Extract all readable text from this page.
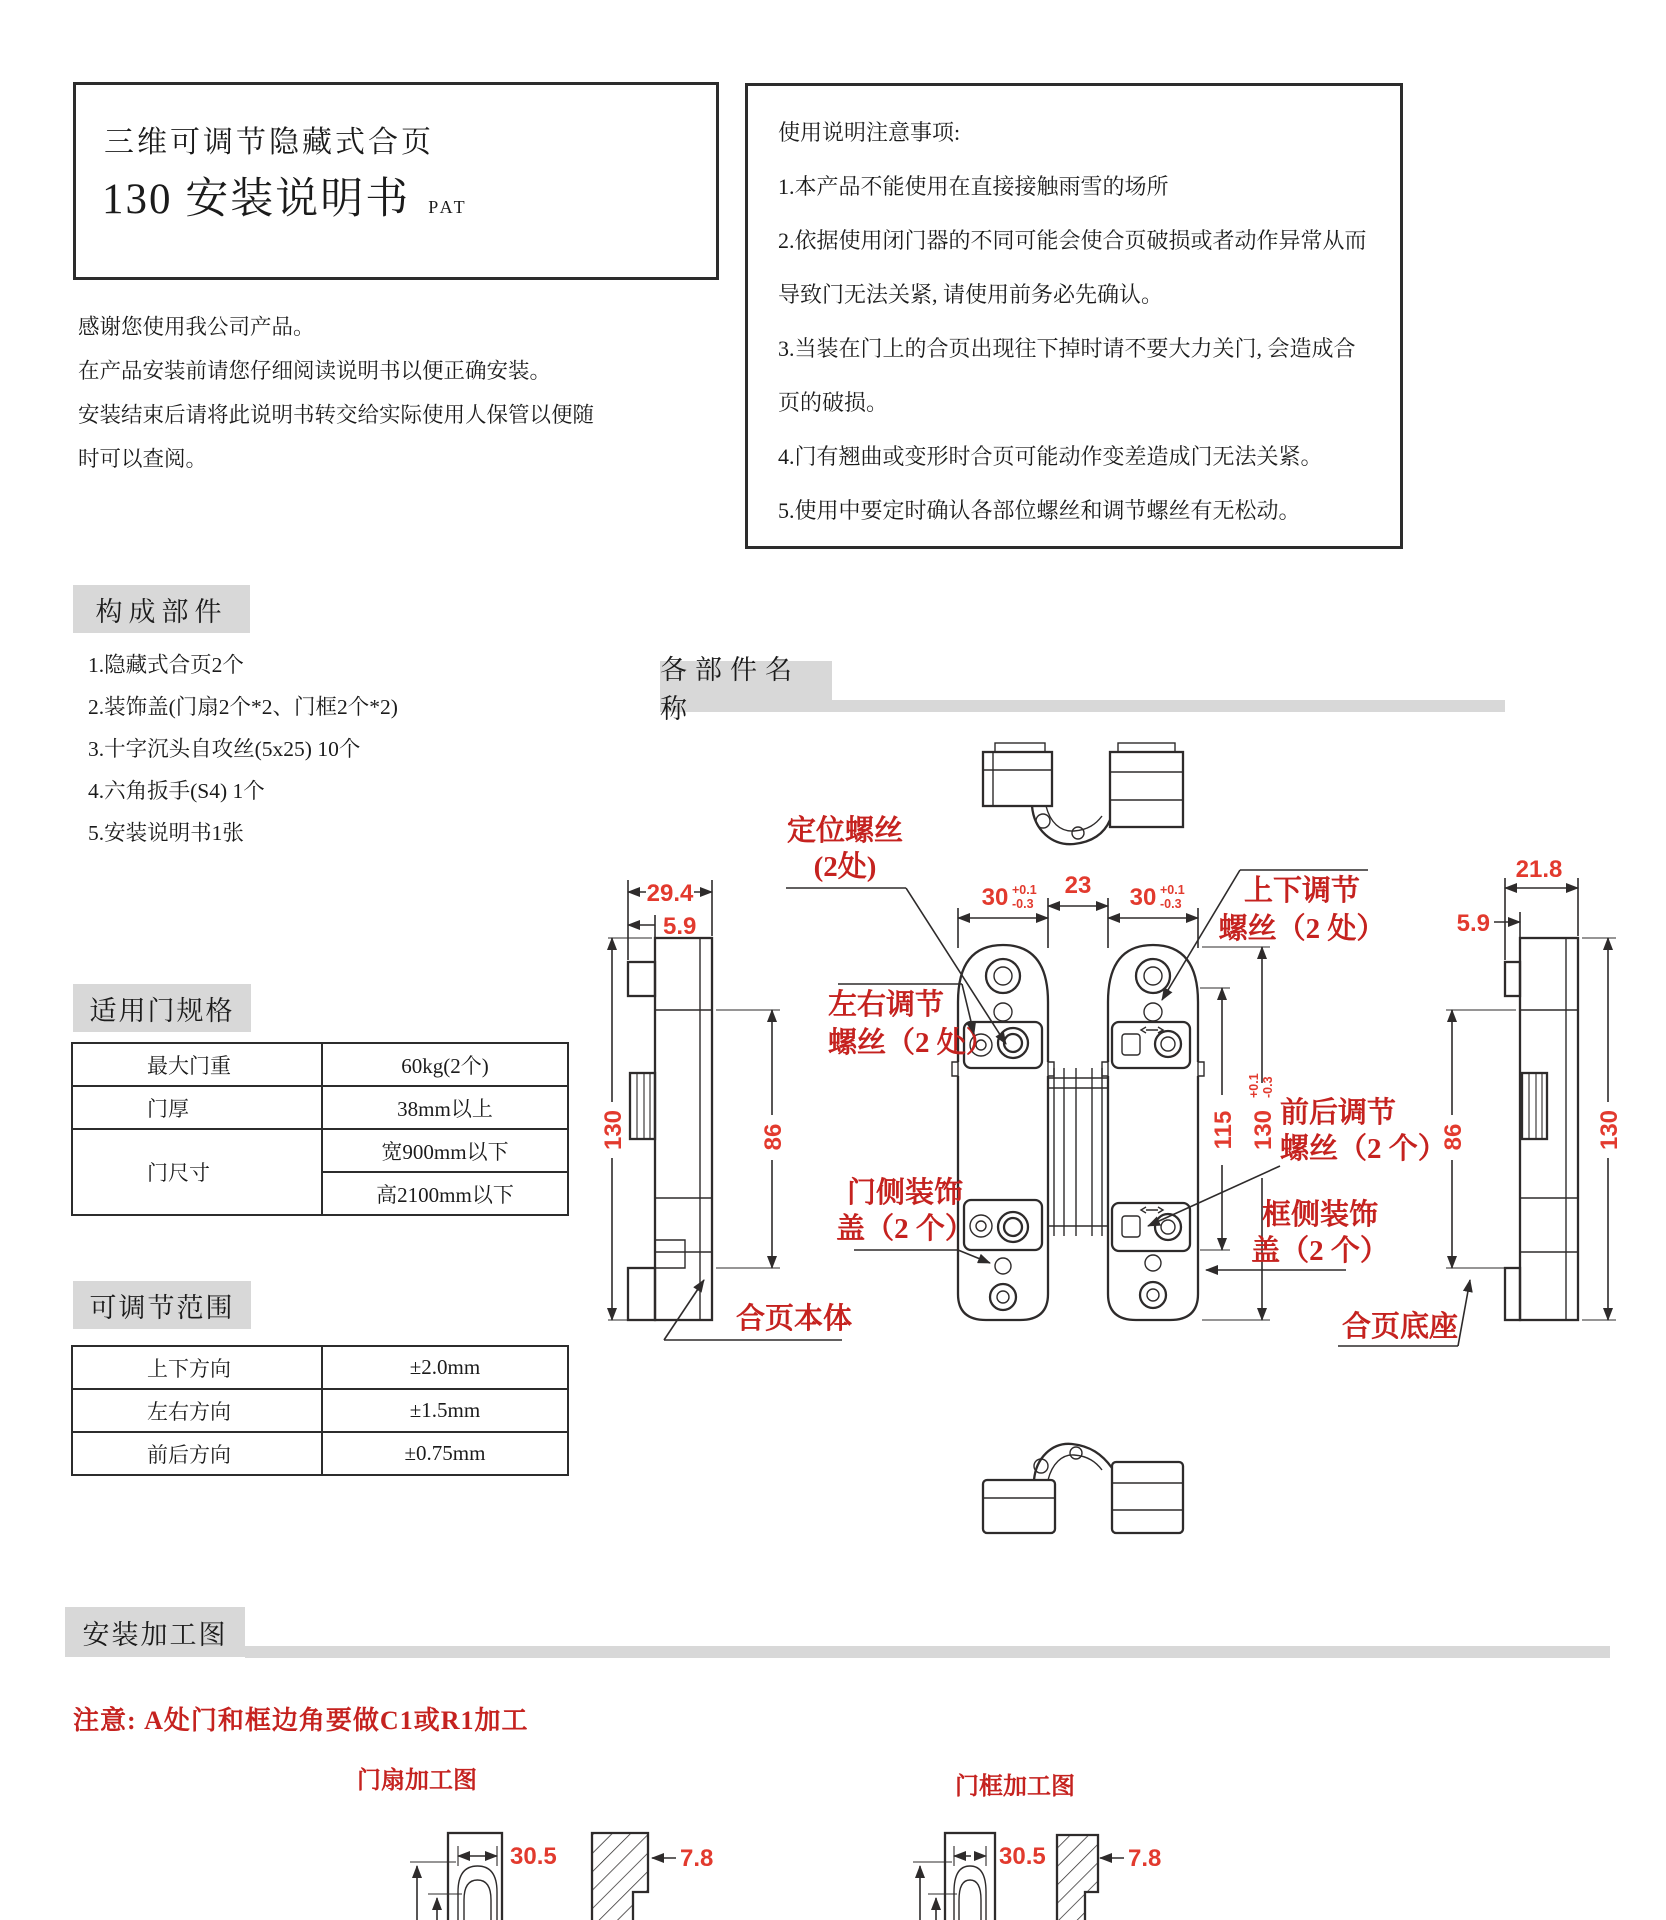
三维可调节隐藏式合页
130 安装说明书 PAT
使用说明注意事项:
1.本产品不能使用在直接接触雨雪的场所
2.依据使用闭门器的不同可能会使合页破损或者动作异常从而
导致门无法关紧, 请使用前务必先确认。
3.当装在门上的合页出现往下掉时请不要大力关门, 会造成合
页的破损。
4.门有翘曲或变形时合页可能动作变差造成门无法关紧。
5.使用中要定时确认各部位螺丝和调节螺丝有无松动。
感谢您使用我公司产品。
在产品安装前请您仔细阅读说明书以便正确安装。
安装结束后请将此说明书转交给实际使用人保管以便随
时可以查阅。
构成部件
1.隐藏式合页2个
2.装饰盖(门扇2个*2、门框2个*2)
3.十字沉头自攻丝(5x25) 10个
4.六角扳手(S4) 1个
5.安装说明书1张
各部件名称
适用门规格
最大门重	60kg(2个)
门厚	38mm以上
门尺寸	宽900mm以下
	高2100mm以下
可调节范围
上下方向	±2.0mm
左右方向	±1.5mm
前后方向	±0.75mm
29.4
5.9
130	86
30 +0.1
-0.3
23 30 +0.1
-0.3
115 130
+0.1 -0.3
21.8
5.9
86	130
定位螺丝
(2处)
左右调节
螺丝（2 处）
上下调节
螺丝（2 处）
前后调节
螺丝（2 个）
门侧装饰
盖（2 个）	框侧装饰
盖（2 个）
合页本体	合页底座
安装加工图
注意: A处门和框边角要做C1或R1加工
门扇加工图	门框加工图
30.5	7.8	30.5	7.8
